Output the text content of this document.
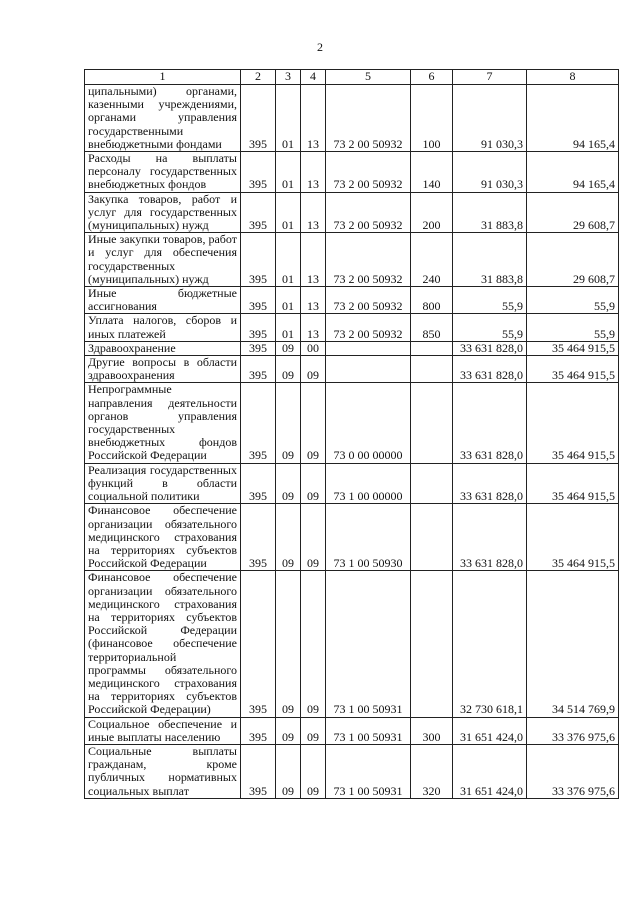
2
1	2	3	4	5	6	7	8
ципальными) органами, казенными учреждениями, органами управления государственными внебюджетными фондами	395	01	13	73 2 00 50932	100	91 030,3	94 165,4
Расходы на выплаты персоналу государственных внебюджетных фондов	395	01	13	73 2 00 50932	140	91 030,3	94 165,4
Закупка товаров, работ и услуг для государственных (муниципальных) нужд	395	01	13	73 2 00 50932	200	31 883,8	29 608,7
Иные закупки товаров, работ и услуг для обеспечения государственных (муниципальных) нужд	395	01	13	73 2 00 50932	240	31 883,8	29 608,7
Иные бюджетные ассигнования	395	01	13	73 2 00 50932	800	55,9	55,9
Уплата налогов, сборов и иных платежей	395	01	13	73 2 00 50932	850	55,9	55,9
Здравоохранение	395	09	00			33 631 828,0	35 464 915,5
Другие вопросы в области здравоохранения	395	09	09			33 631 828,0	35 464 915,5
Непрограммные направления деятельности органов управления государственных внебюджетных фондов Российской Федерации	395	09	09	73 0 00 00000		33 631 828,0	35 464 915,5
Реализация государственных функций в области социальной политики	395	09	09	73 1 00 00000		33 631 828,0	35 464 915,5
Финансовое обеспечение организации обязательного медицинского страхования на территориях субъектов Российской Федерации	395	09	09	73 1 00 50930		33 631 828,0	35 464 915,5
Финансовое обеспечение организации обязательного медицинского страхования на территориях субъектов Российской Федерации (финансовое обеспечение территориальной программы обязательного медицинского страхования на территориях субъектов Российской Федерации)	395	09	09	73 1 00 50931		32 730 618,1	34 514 769,9
Социальное обеспечение и иные выплаты населению	395	09	09	73 1 00 50931	300	31 651 424,0	33 376 975,6
Социальные выплаты гражданам, кроме публичных нормативных социальных выплат	395	09	09	73 1 00 50931	320	31 651 424,0	33 376 975,6
